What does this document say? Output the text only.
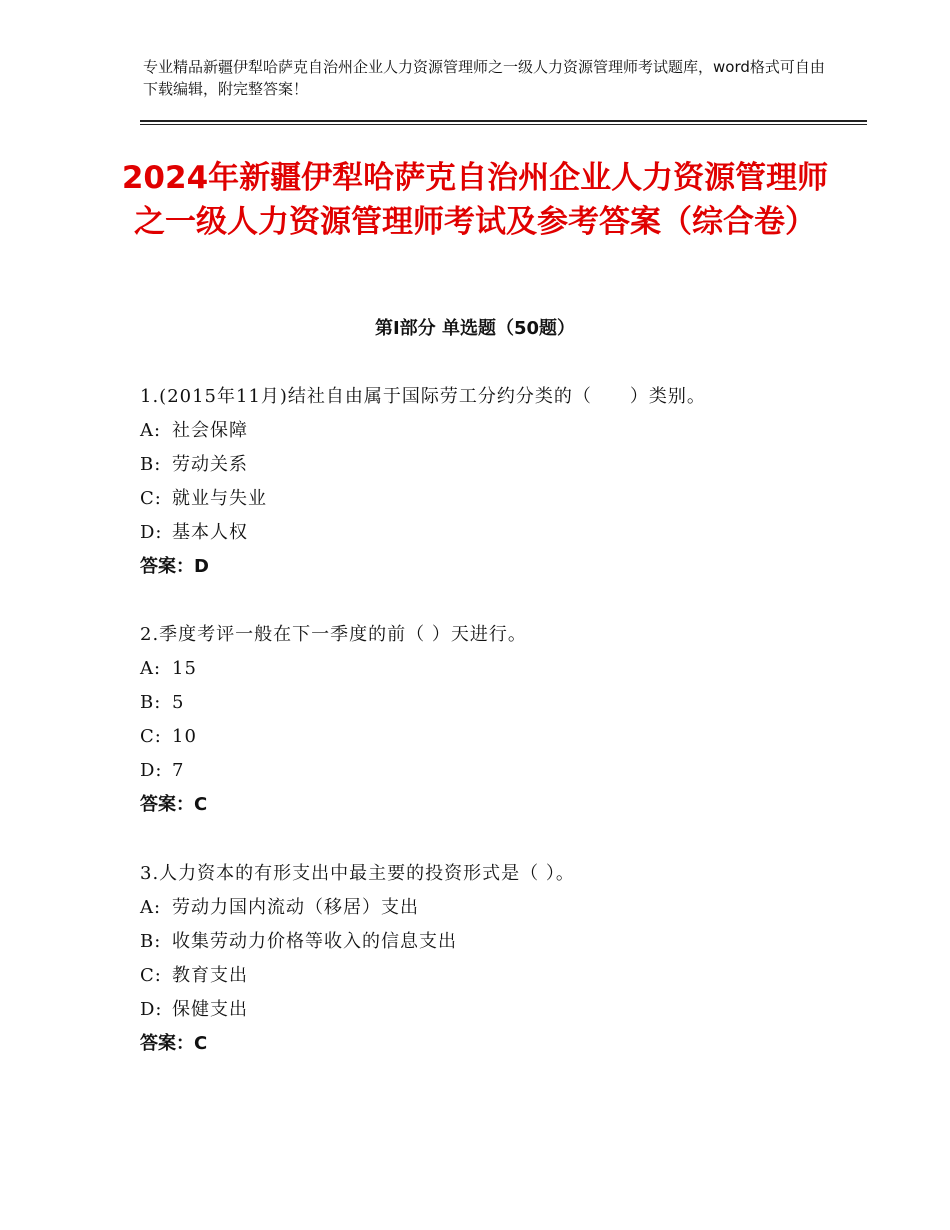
专业精品新疆伊犁哈萨克自治州企业人力资源管理师之一级人力资源管理师考试题库，word格式可自由下载编辑，附完整答案！
2024年新疆伊犁哈萨克自治州企业人力资源管理师之一级人力资源管理师考试及参考答案（综合卷）
第Ⅰ部分 单选题（50题）
1.(2015年11月)结社自由属于国际劳工分约分类的（　　）类别。
A: 社会保障
B: 劳动关系
C: 就业与失业
D: 基本人权
答案：D
2.季度考评一般在下一季度的前（ ）天进行。
A: 15
B: 5
C: 10
D: 7
答案：C
3.人力资本的有形支出中最主要的投资形式是（ ）。
A: 劳动力国内流动（移居）支出
B: 收集劳动力价格等收入的信息支出
C: 教育支出
D: 保健支出
答案：C
